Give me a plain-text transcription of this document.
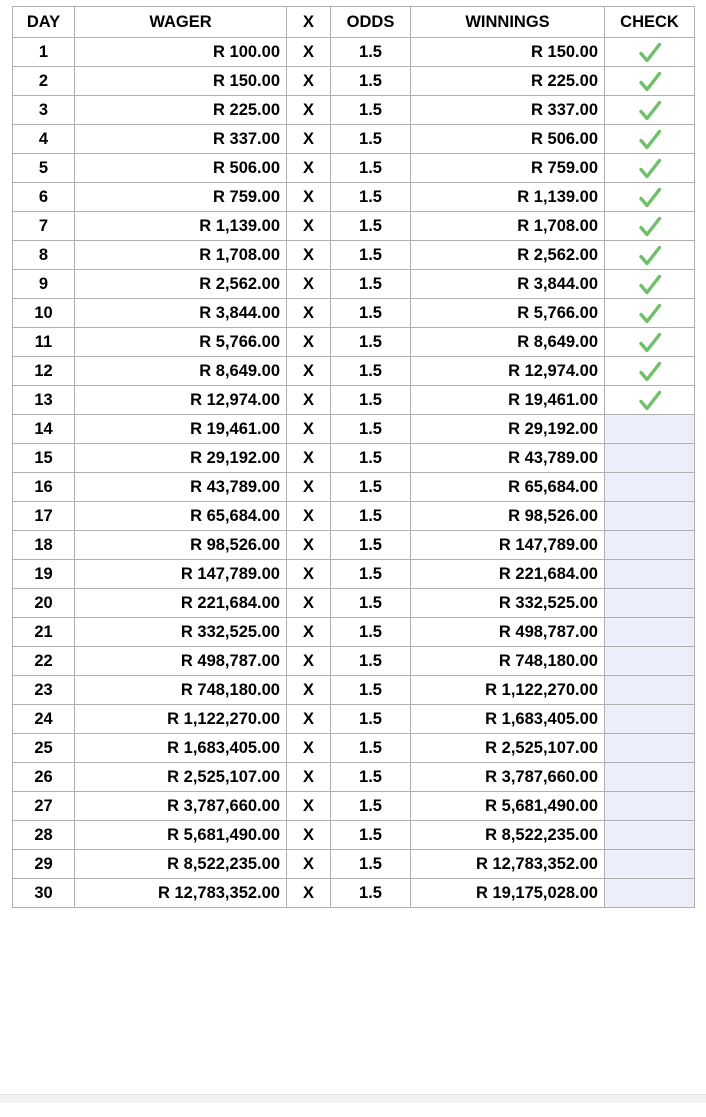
DAY	WAGER	X	ODDS	WINNINGS	CHECK
1	R 100.00	X	1.5	R 150.00	

2	R 150.00	X	1.5	R 225.00	

3	R 225.00	X	1.5	R 337.00	

4	R 337.00	X	1.5	R 506.00	

5	R 506.00	X	1.5	R 759.00	

6	R 759.00	X	1.5	R 1,139.00	

7	R 1,139.00	X	1.5	R 1,708.00	

8	R 1,708.00	X	1.5	R 2,562.00	

9	R 2,562.00	X	1.5	R 3,844.00	

10	R 3,844.00	X	1.5	R 5,766.00	

11	R 5,766.00	X	1.5	R 8,649.00	

12	R 8,649.00	X	1.5	R 12,974.00	

13	R 12,974.00	X	1.5	R 19,461.00	

14	R 19,461.00	X	1.5	R 29,192.00	
15	R 29,192.00	X	1.5	R 43,789.00	
16	R 43,789.00	X	1.5	R 65,684.00	
17	R 65,684.00	X	1.5	R 98,526.00	
18	R 98,526.00	X	1.5	R 147,789.00	
19	R 147,789.00	X	1.5	R 221,684.00	
20	R 221,684.00	X	1.5	R 332,525.00	
21	R 332,525.00	X	1.5	R 498,787.00	
22	R 498,787.00	X	1.5	R 748,180.00	
23	R 748,180.00	X	1.5	R 1,122,270.00	
24	R 1,122,270.00	X	1.5	R 1,683,405.00	
25	R 1,683,405.00	X	1.5	R 2,525,107.00	
26	R 2,525,107.00	X	1.5	R 3,787,660.00	
27	R 3,787,660.00	X	1.5	R 5,681,490.00	
28	R 5,681,490.00	X	1.5	R 8,522,235.00	
29	R 8,522,235.00	X	1.5	R 12,783,352.00	
30	R 12,783,352.00	X	1.5	R 19,175,028.00	
